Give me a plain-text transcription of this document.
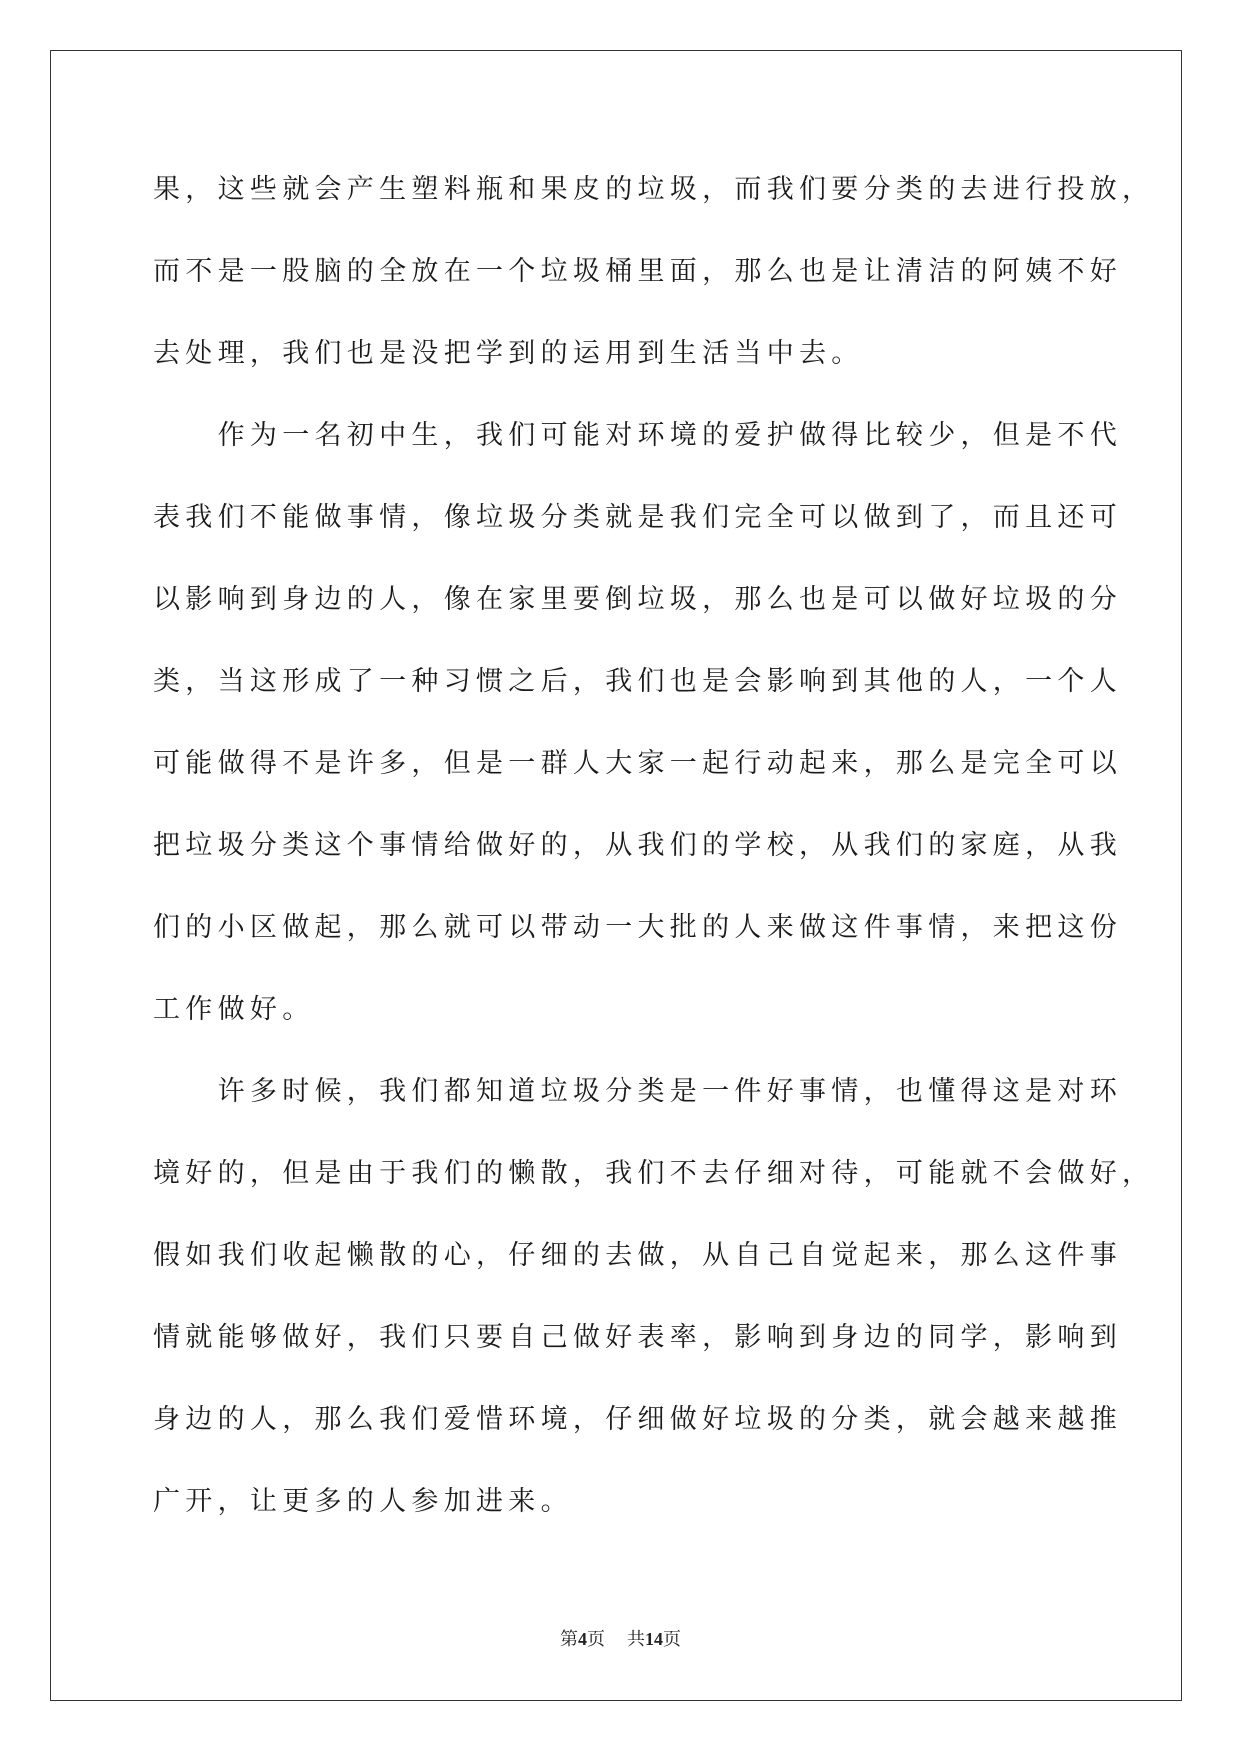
果，这些就会产生塑料瓶和果皮的垃圾，而我们要分类的去进行投放，
而不是一股脑的全放在一个垃圾桶里面，那么也是让清洁的阿姨不好
去处理，我们也是没把学到的运用到生活当中去。
　　作为一名初中生，我们可能对环境的爱护做得比较少，但是不代
表我们不能做事情，像垃圾分类就是我们完全可以做到了，而且还可
以影响到身边的人，像在家里要倒垃圾，那么也是可以做好垃圾的分
类，当这形成了一种习惯之后，我们也是会影响到其他的人，一个人
可能做得不是许多，但是一群人大家一起行动起来，那么是完全可以
把垃圾分类这个事情给做好的，从我们的学校，从我们的家庭，从我
们的小区做起，那么就可以带动一大批的人来做这件事情，来把这份
工作做好。
　　许多时候，我们都知道垃圾分类是一件好事情，也懂得这是对环
境好的，但是由于我们的懒散，我们不去仔细对待，可能就不会做好，
假如我们收起懒散的心，仔细的去做，从自己自觉起来，那么这件事
情就能够做好，我们只要自己做好表率，影响到身边的同学，影响到
身边的人，那么我们爱惜环境，仔细做好垃圾的分类，就会越来越推
广开，让更多的人参加进来。
第4页 共14页
